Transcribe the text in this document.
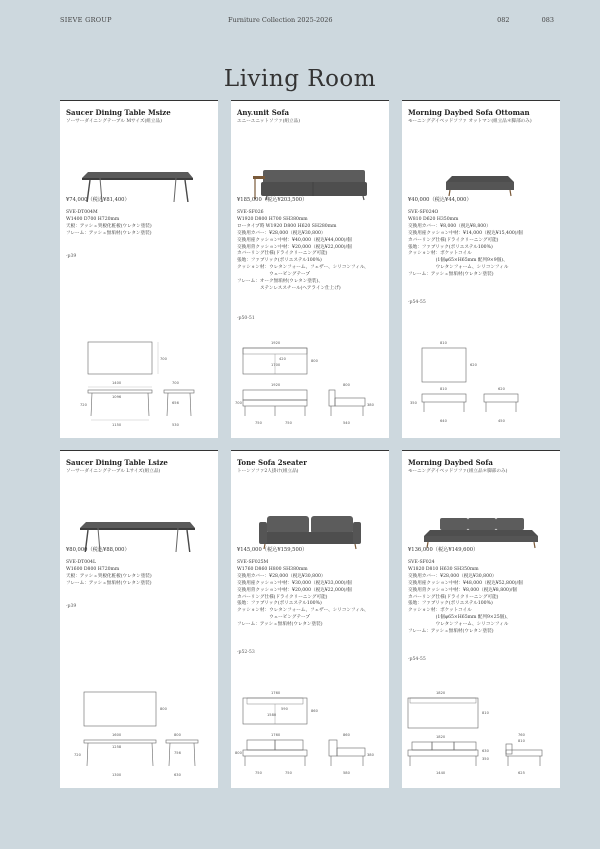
SIEVE GROUP	Furniture Collection 2025-2026	082	083
Living Room
Saucer Dining Table Msize
ソーサーダイニングテーブル Mサイズ(組立品)
¥74,000（税込¥81,400）
SVE-DT004M
W1400 D700 H720mm
天板：アッシュ突板化粧板(ウレタン塗装)
フレーム：アッシュ無垢材(ウレタン塗装)
-p39
700
1400
1096
720
1150
700
656
530
Any.unit Sofa
エニーユニットソファ(組立品)
¥185,000（税込¥203,500）
SVE-SF026
W1920 D800 H700 SH380mm
ロータイプ時 W1920 D800 H620 SH280mm
交換用カバー：¥28,000（税込¥30,800）
交換用座クッション中材：¥40,000（税込¥44,000)/個
交換用背クッション中材：¥20,000（税込¥22,000)/個
カバーリング仕様(ドライクリーニング可能)
張地：ファブリック(ポリエステル100%)
クッション材：ウレタンフォーム、フェザー、シリコンフィル、
　　　　　　　ウェービングテープ
フレーム：オーク無垢材(ウレタン塗装)、
　　　　　ステンレススチール(ヘアライン仕上げ)
-p50-51
1920
1700
800
420
1920
700
750	750
800
380
540
Morning Daybed Sofa Ottoman
モーニングデイベッドソファ オットマン(組立品＊脚部のみ)
¥40,000（税込¥44,000）
SVE-SF024O
W810 D620 H350mm
交換用カバー：¥8,000（税込¥8,800）
交換用座クッション中材：¥14,000（税込¥15,400)/個
カバーリング仕様(ドライクリーニング可能)
張地：ファブリック(ポリエステル100%)
クッション材：ポケットコイル
　　　　　　(1個φ65×H65mm 配列9×9個)、
　　　　　　ウレタンフォーム、シリコンフィル
フレーム：アッシュ無垢材(ウレタン塗装)
-p54-55
810
620
810
350
640
620
450
Saucer Dining Table Lsize
ソーサーダイニングテーブル Lサイズ(組立品)
¥80,000（税込¥88,000）
SVE-DT004L
W1600 D800 H720mm
天板：アッシュ突板化粧板(ウレタン塗装)
フレーム：アッシュ無垢材(ウレタン塗装)
-p39
800
1600
1258
720
1300
800
756
630
Tone Sofa 2seater
トーンソファ2人掛け(組立品)
¥145,000（税込¥159,500）
SVE-SF025M
W1760 D860 H800 SH380mm
交換用カバー：¥28,000（税込¥30,800）
交換用座クッション中材：¥30,000（税込¥33,000)/個
交換用背クッション中材：¥20,000（税込¥22,000)/個
カバーリング仕様(ドライクリーニング可能)
張地：ファブリック(ポリエステル100%)
クッション材：ウレタンフォーム、フェザー、シリコンフィル、
　　　　　　　ウェービングテープ
フレーム：アッシュ無垢材(ウレタン塗装)
-p52-53
1760
1580
860
590
1760
800
750	750
860
380
580
Morning Daybed Sofa
モーニングデイベッドソファ(組立品＊脚部のみ)
¥136,000（税込¥149,600）
SVE-SF024
W1820 D810 H630 SH350mm
交換用カバー：¥28,000（税込¥30,800）
交換用座クッション中材：¥48,000（税込¥52,800)/個
交換用背クッション中材：¥8,000（税込¥8,800)/個
カバーリング仕様(ドライクリーニング可能)
張地：ファブリック(ポリエステル100%)
クッション材：ポケットコイル
　　　　　　(1個φ65×H65mm 配列9×25個)、
　　　　　　ウレタンフォーム、シリコンフィル
フレーム：アッシュ無垢材(ウレタン塗装)
-p54-55
1820
810
1820
630
350
1440
760
810
625
